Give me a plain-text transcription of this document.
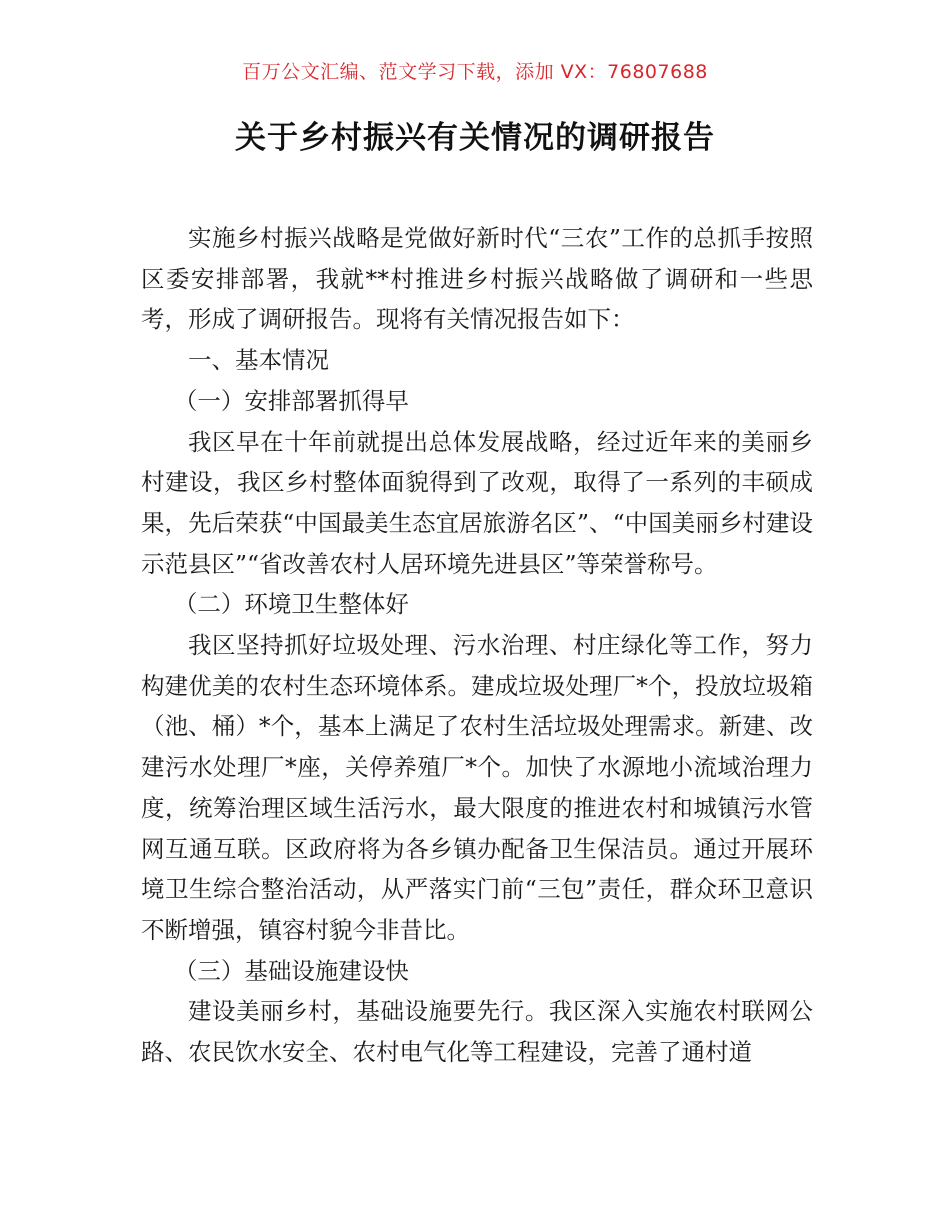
百万公文汇编、范文学习下载，添加 VX：76807688
关于乡村振兴有关情况的调研报告

实施乡村振兴战略是党做好新时代“三农”工作的总抓手按照区委安排部署，我就**村推进乡村振兴战略做了调研和一些思考，形成了调研报告。现将有关情况报告如下：

一、基本情况

（一）安排部署抓得早

我区早在十年前就提出总体发展战略，经过近年来的美丽乡村建设，我区乡村整体面貌得到了改观，取得了一系列的丰硕成果，先后荣获“中国最美生态宜居旅游名区”、“中国美丽乡村建设示范县区”“省改善农村人居环境先进县区”等荣誉称号。

（二）环境卫生整体好

我区坚持抓好垃圾处理、污水治理、村庄绿化等工作，努力构建优美的农村生态环境体系。建成垃圾处理厂*个，投放垃圾箱（池、桶）*个，基本上满足了农村生活垃圾处理需求。新建、改建污水处理厂*座，关停养殖厂*个。加快了水源地小流域治理力度，统筹治理区域生活污水，最大限度的推进农村和城镇污水管网互通互联。区政府将为各乡镇办配备卫生保洁员。通过开展环境卫生综合整治活动，从严落实门前“三包”责任，群众环卫意识不断增强，镇容村貌今非昔比。

（三）基础设施建设快

建设美丽乡村，基础设施要先行。我区深入实施农村联网公路、农民饮水安全、农村电气化等工程建设，完善了通村道
